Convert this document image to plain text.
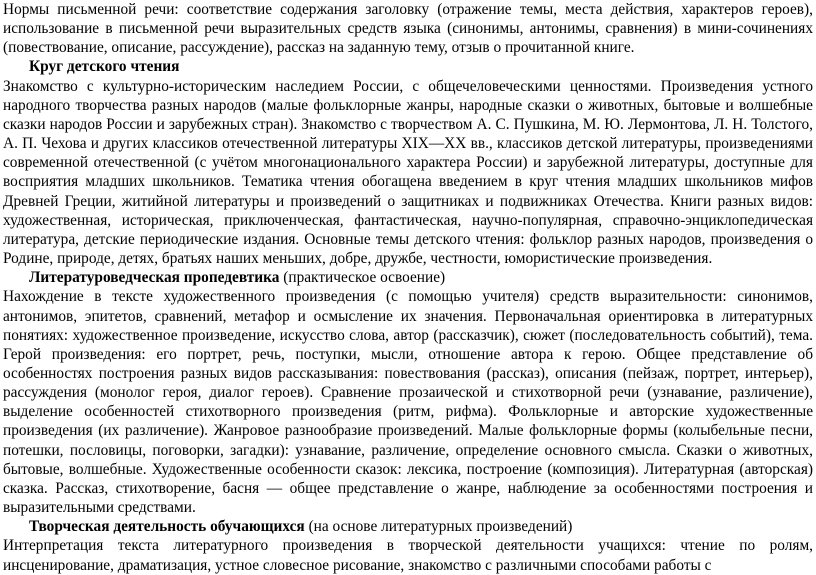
Нормы письменной речи: соответствие содержания заголовку (отражение темы, места действия, характеров героев), использование в письменной речи выразительных средств языка (синонимы, антонимы, сравнения) в мини-сочинениях (повествование, описание, рассуждение), рассказ на заданную тему, отзыв о прочитанной книге.

Круг детского чтения

Знакомство с культурно-историческим наследием России, с общечеловеческими ценностями. Произведения устного народного творчества разных народов (малые фольклорные жанры, народные сказки о животных, бытовые и волшебные сказки народов России и зарубежных стран). Знакомство с творчеством А. С. Пушкина, М. Ю. Лермонтова, Л. Н. Толстого, А. П. Чехова и других классиков отечественной литературы XIX—XX вв., классиков детской литературы, произведениями современной отечественной (с учётом многонационального характера России) и зарубежной литературы, доступные для восприятия младших школьников. Тематика чтения обогащена введением в круг чтения младших школьников мифов Древней Греции, житийной литературы и произведений о защитниках и подвижниках Отечества. Книги разных видов: художественная, историческая, приключенческая, фантастическая, научно-популярная, справочно-энциклопедическая литература, детские периодические издания. Основные темы детского чтения: фольклор разных народов, произведения о Родине, природе, детях, братьях наших меньших, добре, дружбе, честности, юмористические произведения.

Литературоведческая пропедевтика (практическое освоение)

Нахождение в тексте художественного произведения (с помощью учителя) средств выразительности: синонимов, антонимов, эпитетов, сравнений, метафор и осмысление их значения. Первоначальная ориентировка в литературных понятиях: художественное произведение, искусство слова, автор (рассказчик), сюжет (последовательность событий), тема. Герой произведения: его портрет, речь, поступки, мысли, отношение автора к герою. Общее представление об особенностях построения разных видов рассказывания: повествования (рассказ), описания (пейзаж, портрет, интерьер), рассуждения (монолог героя, диалог героев). Сравнение прозаической и стихотворной речи (узнавание, различение), выделение особенностей стихотворного произведения (ритм, рифма). Фольклорные и авторские художественные произведения (их различение). Жанровое разнообразие произведений. Малые фольклорные формы (колыбельные песни, потешки, пословицы, поговорки, загадки): узнавание, различение, определение основного смысла. Сказки о животных, бытовые, волшебные. Художественные особенности сказок: лексика, построение (композиция). Литературная (авторская) сказка. Рассказ, стихотворение, басня — общее представление о жанре, наблюдение за особенностями построения и выразительными средствами.

Творческая деятельность обучающихся (на основе литературных произведений)

Интерпретация текста литературного произведения в творческой деятельности учащихся: чтение по ролям, инсценирование, драматизация, устное словесное рисование, знакомство с различными способами работы с
